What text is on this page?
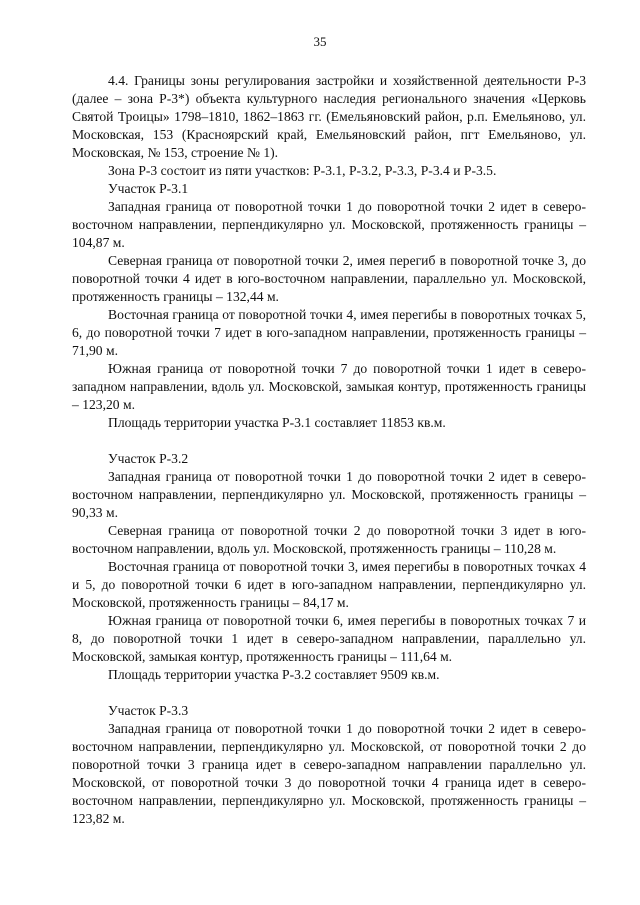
35

4.4. Границы зоны регулирования застройки и хозяйственной деятельности Р-3 (далее – зона Р-3*) объекта культурного наследия регионального значения «Церковь Святой Троицы» 1798–1810, 1862–1863 гг. (Емельяновский район, р.п. Емельяново, ул. Московская, 153 (Красноярский край, Емельяновский район, пгт Емельяново, ул. Московская, № 153, строение № 1).

Зона Р-3 состоит из пяти участков: Р-3.1, Р-3.2, Р-3.3, Р-3.4 и Р-3.5.

Участок Р-3.1

Западная граница от поворотной точки 1 до поворотной точки 2 идет в северо-восточном направлении, перпендикулярно ул. Московской, протяженность границы – 104,87 м.

Северная граница от поворотной точки 2, имея перегиб в поворотной точке 3, до поворотной точки 4 идет в юго-восточном направлении, параллельно ул. Московской, протяженность границы – 132,44 м.

Восточная граница от поворотной точки 4, имея перегибы в поворотных точках 5, 6, до поворотной точки 7 идет в юго-западном направлении, протяженность границы – 71,90 м.

Южная граница от поворотной точки 7 до поворотной точки 1 идет в северо-западном направлении, вдоль ул. Московской, замыкая контур, протяженность границы – 123,20 м.

Площадь территории участка Р-3.1 составляет 11853 кв.м.

Участок Р-3.2

Западная граница от поворотной точки 1 до поворотной точки 2 идет в северо-восточном направлении, перпендикулярно ул. Московской, протяженность границы – 90,33 м.

Северная граница от поворотной точки 2 до поворотной точки 3 идет в юго-восточном направлении, вдоль ул. Московской, протяженность границы – 110,28 м.

Восточная граница от поворотной точки 3, имея перегибы в поворотных точках 4 и 5, до поворотной точки 6 идет в юго-западном направлении, перпендикулярно ул. Московской, протяженность границы – 84,17 м.

Южная граница от поворотной точки 6, имея перегибы в поворотных точках 7 и 8, до поворотной точки 1 идет в северо-западном направлении, параллельно ул. Московской, замыкая контур, протяженность границы – 111,64 м.

Площадь территории участка Р-3.2 составляет 9509 кв.м.

Участок Р-3.3

Западная граница от поворотной точки 1 до поворотной точки 2 идет в северо-восточном направлении, перпендикулярно ул. Московской, от поворотной точки 2 до поворотной точки 3 граница идет в северо-западном направлении параллельно ул. Московской, от поворотной точки 3 до поворотной точки 4 граница идет в северо-восточном направлении, перпендикулярно ул. Московской, протяженность границы – 123,82 м.
